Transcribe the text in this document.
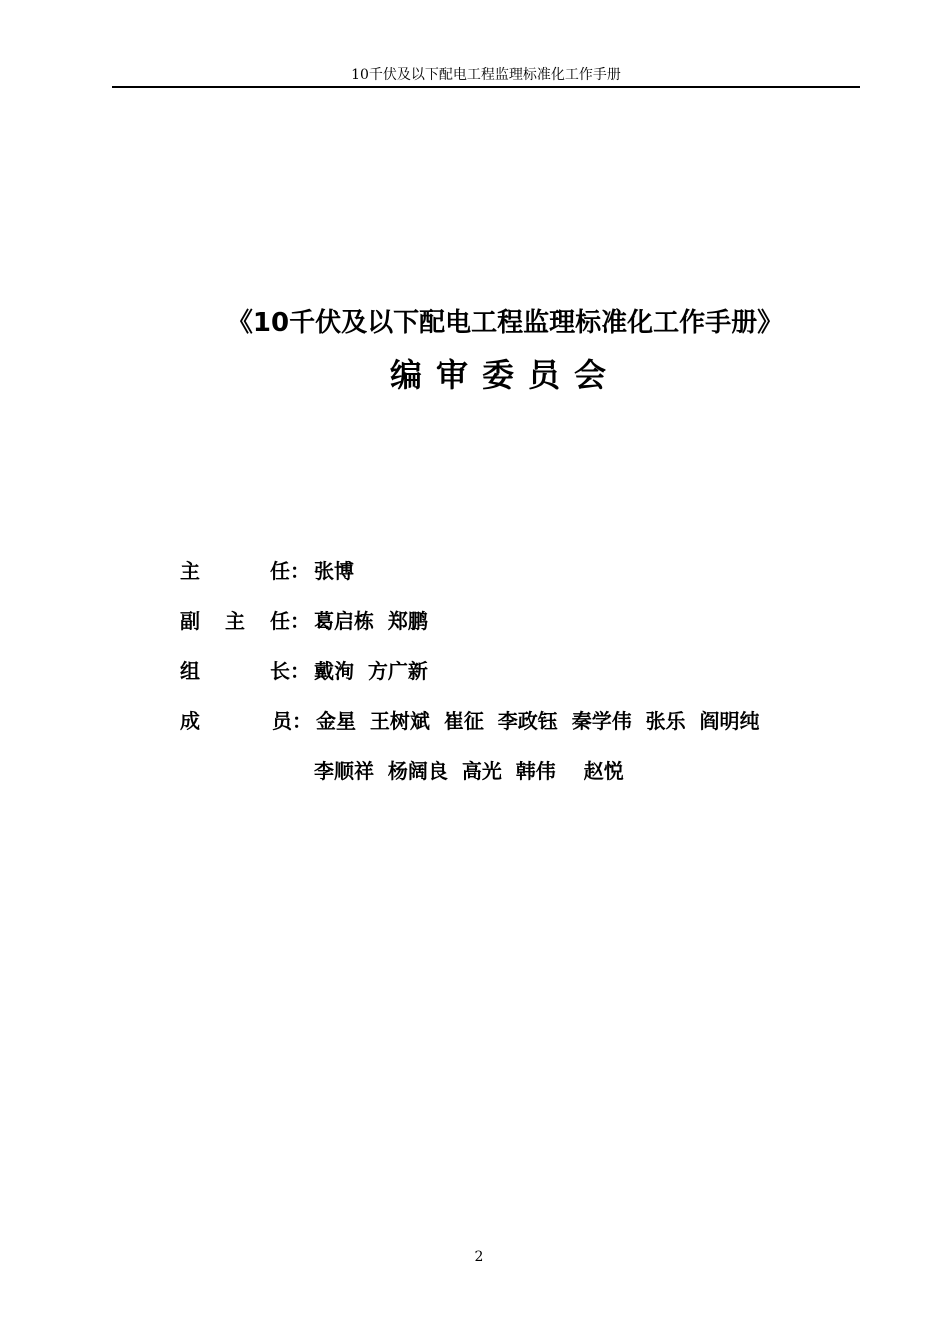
10千伏及以下配电工程监理标准化工作手册
《10千伏及以下配电工程监理标准化工作手册》
编审委员会
主	任： 张博
副 主 任： 葛启栋  郑鹏
组	长： 戴洵  方广新
成	员： 金星  王树斌  崔征  李政钰  秦学伟  张乐  阎明纯
李顺祥  杨阔良  高光  韩伟    赵悦
2
